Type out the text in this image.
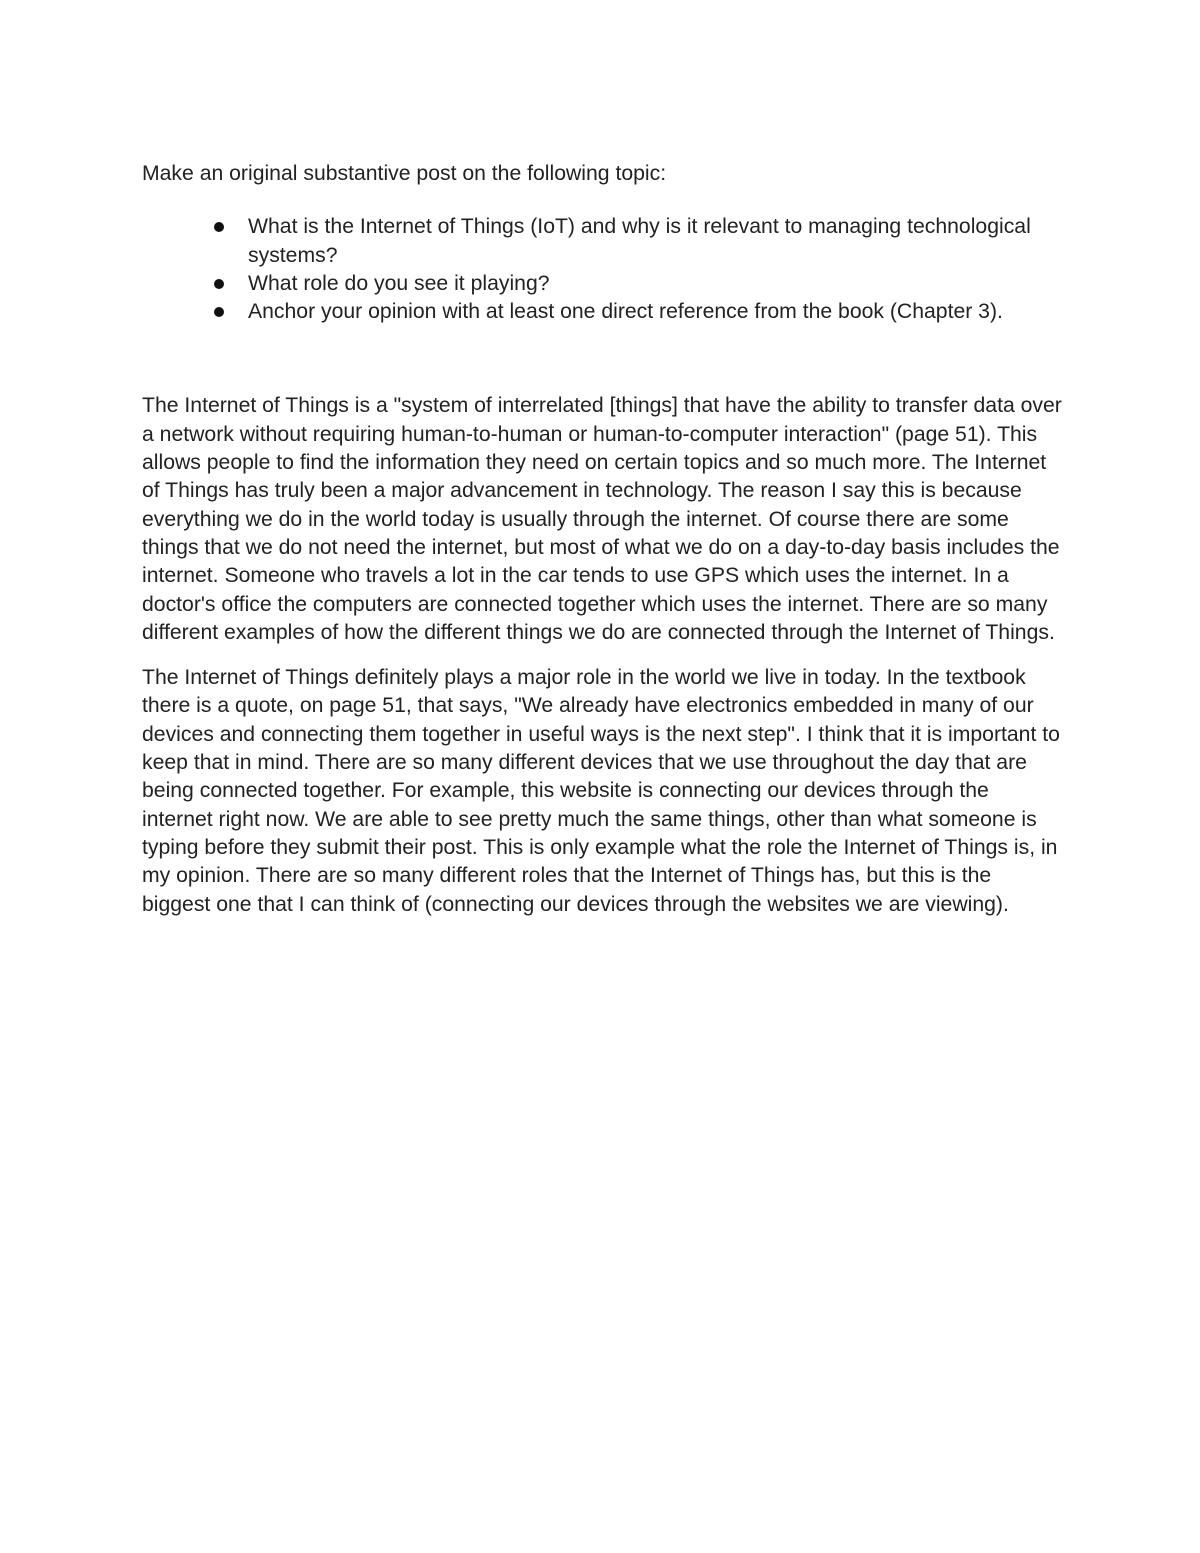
Make an original substantive post on the following topic:

What is the Internet of Things (IoT) and why is it relevant to managing technological systems?
What role do you see it playing?
Anchor your opinion with at least one direct reference from the book (Chapter 3).

The Internet of Things is a "system of interrelated [things] that have the ability to transfer data over a network without requiring human-to-human or human-to-computer interaction" (page 51). This allows people to find the information they need on certain topics and so much more. The Internet of Things has truly been a major advancement in technology. The reason I say this is because everything we do in the world today is usually through the internet. Of course there are some things that we do not need the internet, but most of what we do on a day-to-day basis includes the internet. Someone who travels a lot in the car tends to use GPS which uses the internet. In a doctor's office the computers are connected together which uses the internet. There are so many different examples of how the different things we do are connected through the Internet of Things.

The Internet of Things definitely plays a major role in the world we live in today. In the textbook there is a quote, on page 51, that says, "We already have electronics embedded in many of our devices and connecting them together in useful ways is the next step". I think that it is important to keep that in mind. There are so many different devices that we use throughout the day that are being connected together. For example, this website is connecting our devices through the internet right now. We are able to see pretty much the same things, other than what someone is typing before they submit their post. This is only example what the role the Internet of Things is, in my opinion. There are so many different roles that the Internet of Things has, but this is the biggest one that I can think of (connecting our devices through the websites we are viewing).
